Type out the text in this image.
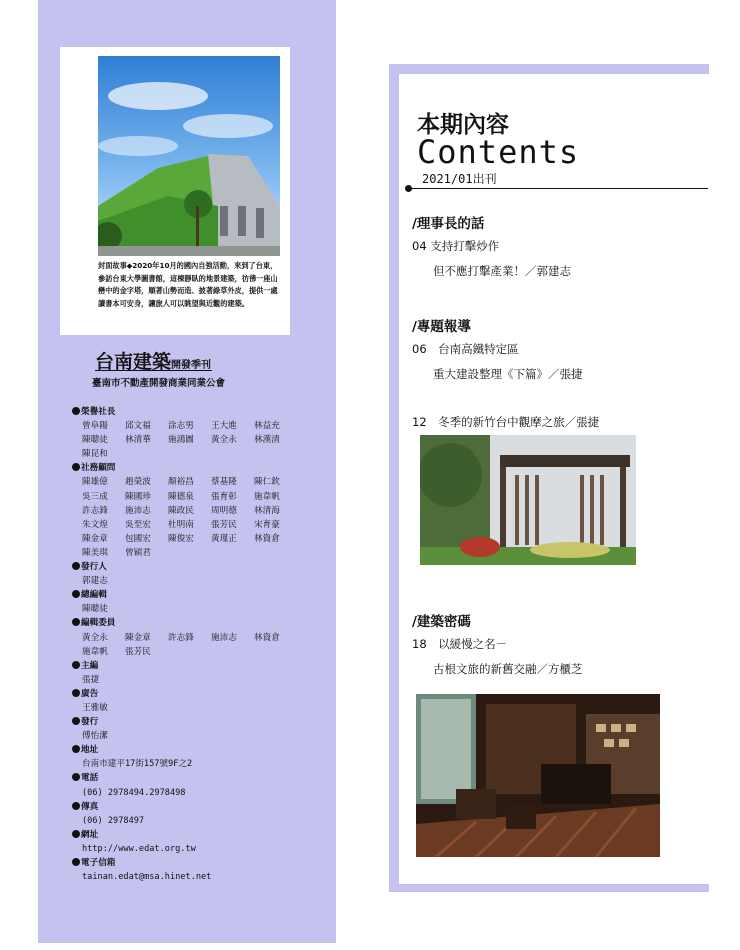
封面故事◆2020年10月的國內自強活動，來到了台東，參訪台東大學圖書館，這棟靜臥的地景建築，彷彿一座山巒中的金字塔，順著山勢而造、披著綠草外皮，提供一處讀書本可安身，讓旅人可以眺望與近觀的建築。
台南建築開發季刊
臺南市不動產開發商業同業公會
榮譽社長
曾阜陽	邱文福	涂志男	王大進	林益充
陳聰徒	林清華	施鴻圖	黃全永	林漢清
陳昆和
社務顧問
陳雄億	趙榮波	顏裕昌	蔡基隆	陳仁欽
吳三成	陳國珍	陳德泉	張育彰	施韋帆
許志鋒	施沛志	陳政民	周明德	林清海
朱文煌	吳至宏	杜明南	張芳民	宋育豪
陳金章	包國宏	陳俊宏	黃瑾正	林資倉
陳美琪	曾穎君
發行人
郭建志
總編輯
陳聰徒
編輯委員
黃全永	陳金章	許志鋒	施沛志	林資倉
施韋帆	張芳民
主編
張捷
廣告
王雅敏
發行
傅怡潔
地址
台南市建平17街157號9F之2
電話
(06) 2978494.2978498
傳真
(06) 2978497
網址
http://www.edat.org.tw
電子信箱
tainan.edat@msa.hinet.net
本期內容
Contents
2021/01出刊
/理事長的話
04 支持打擊炒作
但不應打擊產業！／郭建志
/專題報導
06　台南高鐵特定區
重大建設整理《下篇》／張捷
12　冬季的新竹台中觀摩之旅／張捷
/建築密碼
18　以緩慢之名－
古根文旅的新舊交融／方櫃芝
